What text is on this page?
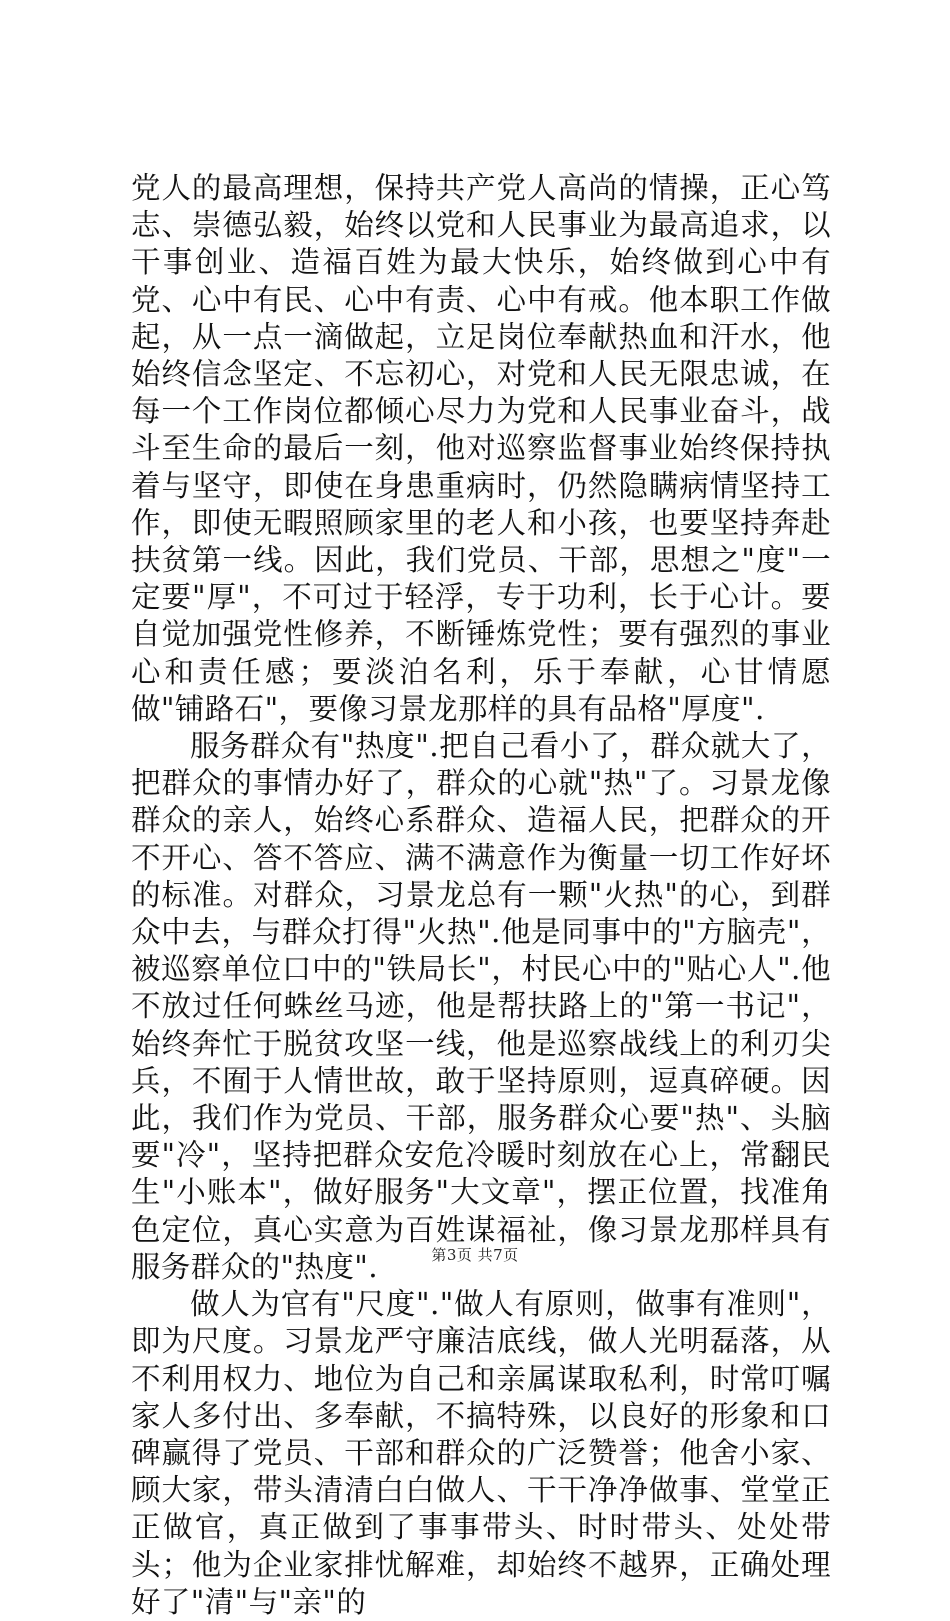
党人的最高理想，保持共产党人高尚的情操，正心笃志、崇德弘毅，始终以党和人民事业为最高追求，以干事创业、造福百姓为最大快乐，始终做到心中有党、心中有民、心中有责、心中有戒。他本职工作做起，从一点一滴做起，立足岗位奉献热血和汗水，他始终信念坚定、不忘初心，对党和人民无限忠诚，在每一个工作岗位都倾心尽力为党和人民事业奋斗，战斗至生命的最后一刻，他对巡察监督事业始终保持执着与坚守，即使在身患重病时，仍然隐瞒病情坚持工作，即使无暇照顾家里的老人和小孩，也要坚持奔赴扶贫第一线。因此，我们党员、干部，思想之"度"一定要"厚"，不可过于轻浮，专于功利，长于心计。要自觉加强党性修养，不断锤炼党性；要有强烈的事业心和责任感；要淡泊名利，乐于奉献，心甘情愿做"铺路石"，要像习景龙那样的具有品格"厚度".

服务群众有"热度".把自己看小了，群众就大了，把群众的事情办好了，群众的心就"热"了。习景龙像群众的亲人，始终心系群众、造福人民，把群众的开不开心、答不答应、满不满意作为衡量一切工作好坏的标准。对群众，习景龙总有一颗"火热"的心，到群众中去，与群众打得"火热".他是同事中的"方脑壳"，被巡察单位口中的"铁局长"，村民心中的"贴心人".他不放过任何蛛丝马迹，他是帮扶路上的"第一书记"，始终奔忙于脱贫攻坚一线，他是巡察战线上的利刃尖兵，不囿于人情世故，敢于坚持原则，逗真碎硬。因此，我们作为党员、干部，服务群众心要"热"、头脑要"冷"，坚持把群众安危冷暖时刻放在心上，常翻民生"小账本"，做好服务"大文章"，摆正位置，找准角色定位，真心实意为百姓谋福祉，像习景龙那样具有服务群众的"热度".

做人为官有"尺度"."做人有原则，做事有准则"，即为尺度。习景龙严守廉洁底线，做人光明磊落，从不利用权力、地位为自己和亲属谋取私利，时常叮嘱家人多付出、多奉献，不搞特殊，以良好的形象和口碑赢得了党员、干部和群众的广泛赞誉；他舍小家、顾大家，带头清清白白做人、干干净净做事、堂堂正正做官，真正做到了事事带头、时时带头、处处带头；他为企业家排忧解难，却始终不越界，正确处理好了"清"与"亲"的

第3页 共7页
